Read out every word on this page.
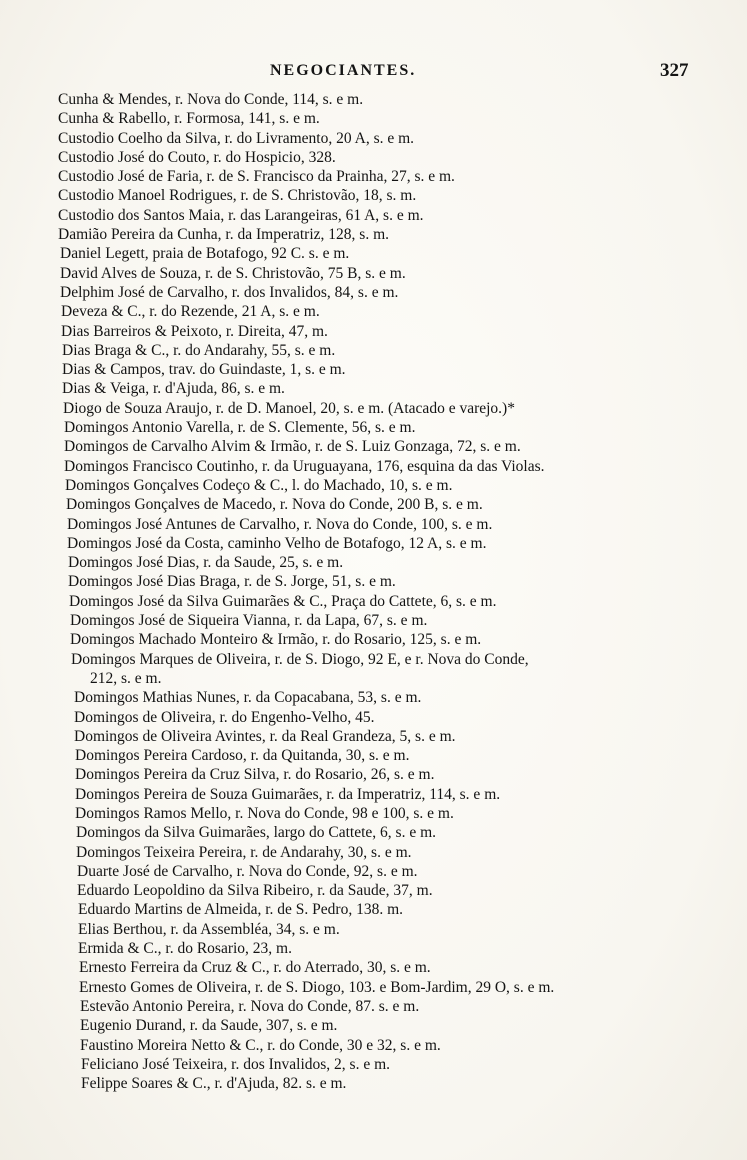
NEGOCIANTES.	327
Cunha & Mendes, r. Nova do Conde, 114, s. e m.
Cunha & Rabello, r. Formosa, 141, s. e m.
Custodio Coelho da Silva, r. do Livramento, 20 A, s. e m.
Custodio José do Couto, r. do Hospicio, 328.
Custodio José de Faria, r. de S. Francisco da Prainha, 27, s. e m.
Custodio Manoel Rodrigues, r. de S. Christovão, 18, s. m.
Custodio dos Santos Maia, r. das Larangeiras, 61 A, s. e m.
Damião Pereira da Cunha, r. da Imperatriz, 128, s. m.
Daniel Legett, praia de Botafogo, 92 C. s. e m.
David Alves de Souza, r. de S. Christovão, 75 B, s. e m.
Delphim José de Carvalho, r. dos Invalidos, 84, s. e m.
Deveza & C., r. do Rezende, 21 A, s. e m.
Dias Barreiros & Peixoto, r. Direita, 47, m.
Dias Braga & C., r. do Andarahy, 55, s. e m.
Dias & Campos, trav. do Guindaste, 1, s. e m.
Dias & Veiga, r. d'Ajuda, 86, s. e m.
Diogo de Souza Araujo, r. de D. Manoel, 20, s. e m. (Atacado e varejo.)*
Domingos Antonio Varella, r. de S. Clemente, 56, s. e m.
Domingos de Carvalho Alvim & Irmão, r. de S. Luiz Gonzaga, 72, s. e m.
Domingos Francisco Coutinho, r. da Uruguayana, 176, esquina da das Violas.
Domingos Gonçalves Codeço & C., l. do Machado, 10, s. e m.
Domingos Gonçalves de Macedo, r. Nova do Conde, 200 B, s. e m.
Domingos José Antunes de Carvalho, r. Nova do Conde, 100, s. e m.
Domingos José da Costa, caminho Velho de Botafogo, 12 A, s. e m.
Domingos José Dias, r. da Saude, 25, s. e m.
Domingos José Dias Braga, r. de S. Jorge, 51, s. e m.
Domingos José da Silva Guimarães & C., Praça do Cattete, 6, s. e m.
Domingos José de Siqueira Vianna, r. da Lapa, 67, s. e m.
Domingos Machado Monteiro & Irmão, r. do Rosario, 125, s. e m.
Domingos Marques de Oliveira, r. de S. Diogo, 92 E, e r. Nova do Conde,
212, s. e m.
Domingos Mathias Nunes, r. da Copacabana, 53, s. e m.
Domingos de Oliveira, r. do Engenho-Velho, 45.
Domingos de Oliveira Avintes, r. da Real Grandeza, 5, s. e m.
Domingos Pereira Cardoso, r. da Quitanda, 30, s. e m.
Domingos Pereira da Cruz Silva, r. do Rosario, 26, s. e m.
Domingos Pereira de Souza Guimarães, r. da Imperatriz, 114, s. e m.
Domingos Ramos Mello, r. Nova do Conde, 98 e 100, s. e m.
Domingos da Silva Guimarães, largo do Cattete, 6, s. e m.
Domingos Teixeira Pereira, r. de Andarahy, 30, s. e m.
Duarte José de Carvalho, r. Nova do Conde, 92, s. e m.
Eduardo Leopoldino da Silva Ribeiro, r. da Saude, 37, m.
Eduardo Martins de Almeida, r. de S. Pedro, 138. m.
Elias Berthou, r. da Assembléa, 34, s. e m.
Ermida & C., r. do Rosario, 23, m.
Ernesto Ferreira da Cruz & C., r. do Aterrado, 30, s. e m.
Ernesto Gomes de Oliveira, r. de S. Diogo, 103. e Bom-Jardim, 29 O, s. e m.
Estevão Antonio Pereira, r. Nova do Conde, 87. s. e m.
Eugenio Durand, r. da Saude, 307, s. e m.
Faustino Moreira Netto & C., r. do Conde, 30 e 32, s. e m.
Feliciano José Teixeira, r. dos Invalidos, 2, s. e m.
Felippe Soares & C., r. d'Ajuda, 82. s. e m.
